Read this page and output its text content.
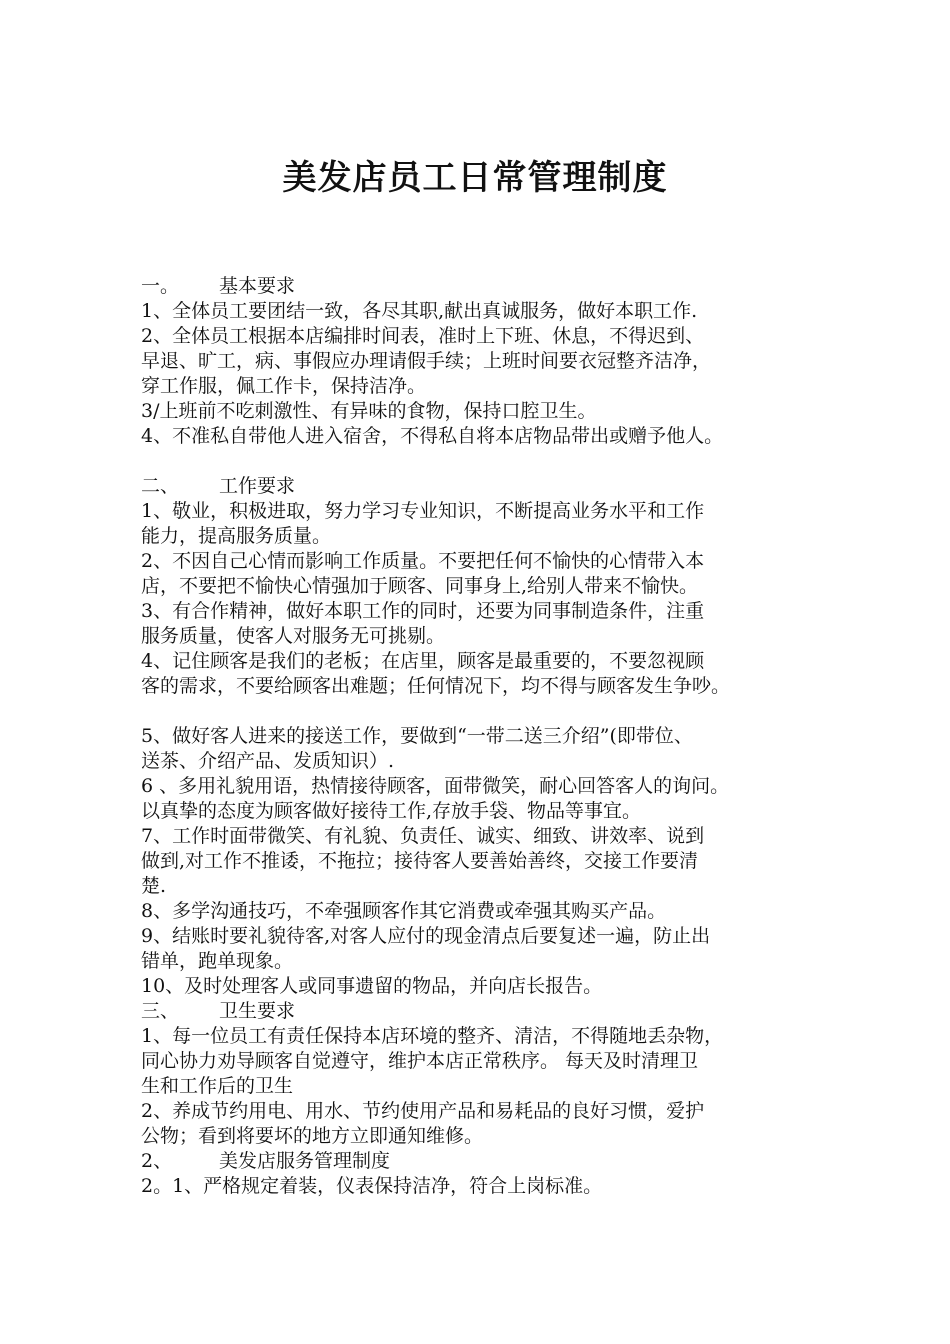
美发店员工日常管理制度
一。 基本要求
1、全体员工要团结一致，各尽其职,献出真诚服务，做好本职工作.
2、全体员工根据本店编排时间表，准时上下班、休息，不得迟到、
早退、旷工，病、事假应办理请假手续；上班时间要衣冠整齐洁净，
穿工作服，佩工作卡，保持洁净。
3/上班前不吃刺激性、有异味的食物，保持口腔卫生。
4、不准私自带他人进入宿舍，不得私自将本店物品带出或赠予他人。
二、 工作要求
1、敬业，积极进取，努力学习专业知识，不断提高业务水平和工作
能力，提高服务质量。
2、不因自己心情而影响工作质量。不要把任何不愉快的心情带入本
店，不要把不愉快心情强加于顾客、同事身上,给别人带来不愉快。
3、有合作精神，做好本职工作的同时，还要为同事制造条件，注重
服务质量，使客人对服务无可挑剔。
4、记住顾客是我们的老板；在店里，顾客是最重要的，不要忽视顾
客的需求，不要给顾客出难题；任何情况下，均不得与顾客发生争吵。
5、做好客人进来的接送工作，要做到“一带二送三介绍”(即带位、
送茶、介绍产品、发质知识）.
6 、多用礼貌用语，热情接待顾客，面带微笑，耐心回答客人的询问。
以真挚的态度为顾客做好接待工作,存放手袋、物品等事宜。
7、工作时面带微笑、有礼貌、负责任、诚实、细致、讲效率、说到
做到,对工作不推诿，不拖拉；接待客人要善始善终，交接工作要清
楚.
8、多学沟通技巧，不牵强顾客作其它消费或牵强其购买产品。
9、结账时要礼貌待客,对客人应付的现金清点后要复述一遍，防止出
错单，跑单现象。
10、及时处理客人或同事遗留的物品，并向店长报告。
三、 卫生要求
1、每一位员工有责任保持本店环境的整齐、清洁，不得随地丢杂物，
同心协力劝导顾客自觉遵守，维护本店正常秩序。 每天及时清理卫
生和工作后的卫生
2、养成节约用电、用水、节约使用产品和易耗品的良好习惯，爱护
公物；看到将要坏的地方立即通知维修。
2、 美发店服务管理制度
2。1、严格规定着装，仪表保持洁净，符合上岗标准。
